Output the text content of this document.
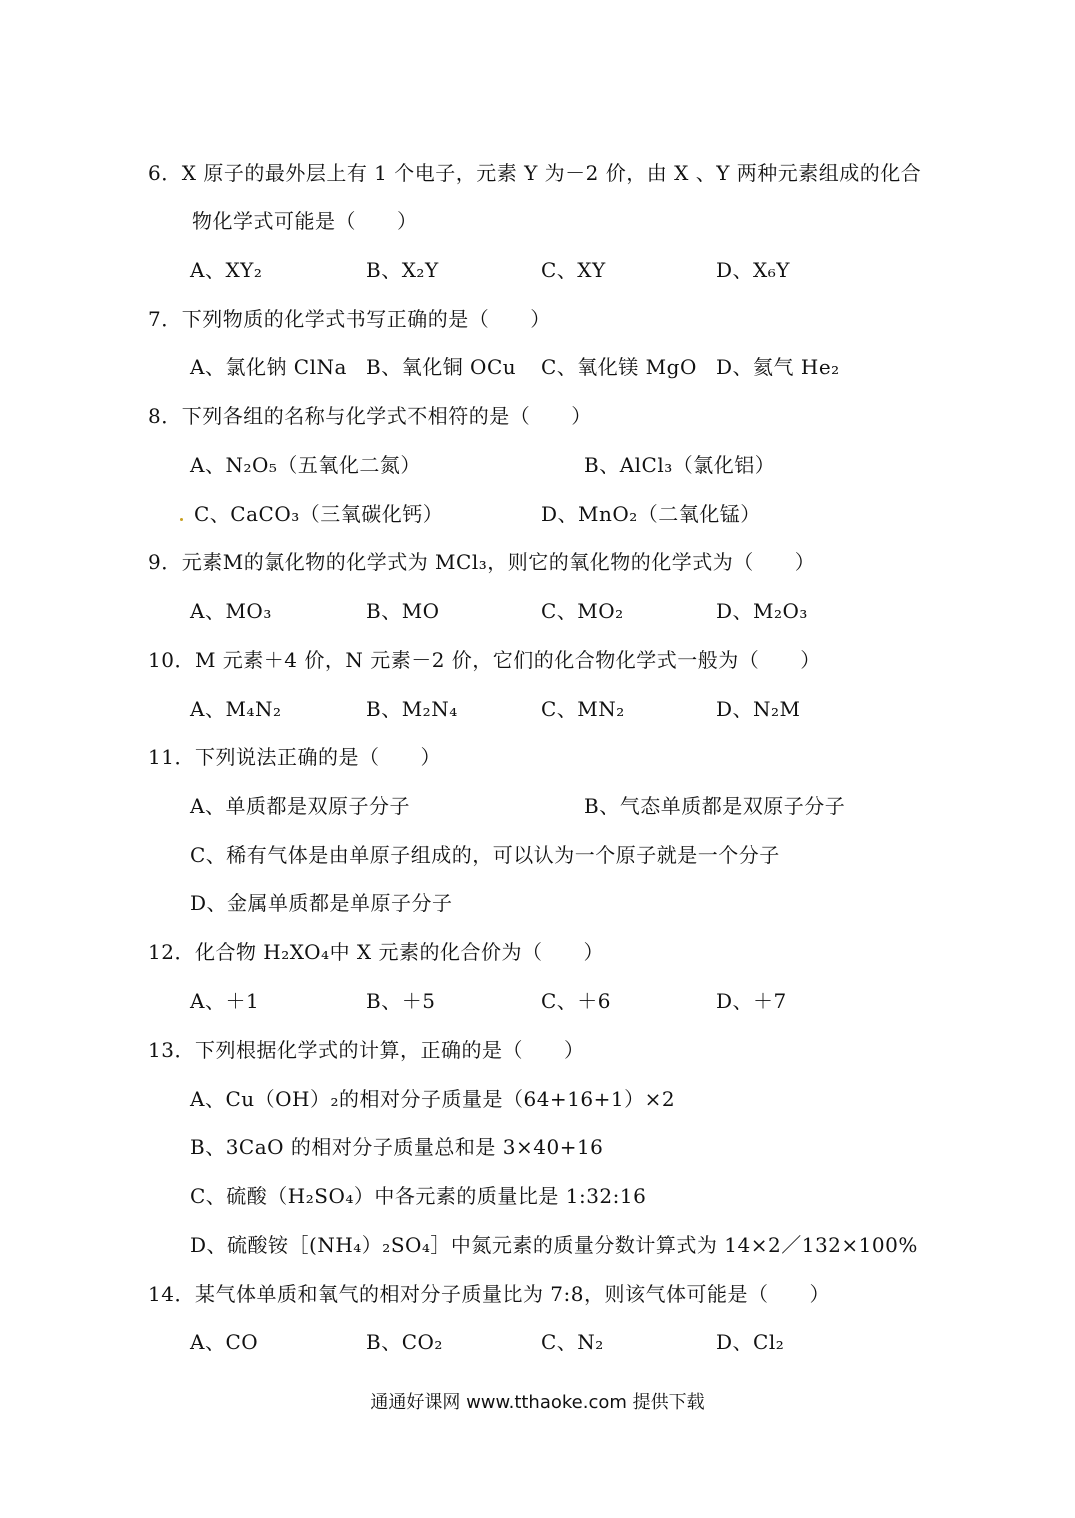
6．X 原子的最外层上有 1 个电子，元素 Y 为－2 价，由 X 、Y 两种元素组成的化合
物化学式可能是（　　）
A、XY₂	B、X₂Y	C、XY	D、X₆Y
7．下列物质的化学式书写正确的是（　　）
A、氯化钠 ClNa B、氧化铜 OCu C、氧化镁 MgO D、氦气 He₂
8．下列各组的名称与化学式不相符的是（　　）
A、N₂O₅（五氧化二氮）	B、AlCl₃（氯化铝）
C、CaCO₃（三氧碳化钙）	D、MnO₂（二氧化锰）
9．元素M的氯化物的化学式为 MCl₃，则它的氧化物的化学式为（　　）
A、MO₃	B、MO	C、MO₂	D、M₂O₃
10．M 元素＋4 价，N 元素－2 价，它们的化合物化学式一般为（　　）
A、M₄N₂	B、M₂N₄	C、MN₂	D、N₂M
11．下列说法正确的是（　　）
A、单质都是双原子分子	B、气态单质都是双原子分子
C、稀有气体是由单原子组成的，可以认为一个原子就是一个分子
D、金属单质都是单原子分子
12．化合物 H₂XO₄中 X 元素的化合价为（　　）
A、＋1	B、＋5	C、＋6	D、＋7
13．下列根据化学式的计算，正确的是（　　）
A、Cu（OH）₂的相对分子质量是（64+16+1）×2
B、3CaO 的相对分子质量总和是 3×40+16
C、硫酸（H₂SO₄）中各元素的质量比是 1:32:16
D、硫酸铵［(NH₄）₂SO₄］中氮元素的质量分数计算式为 14×2／132×100%
14．某气体单质和氧气的相对分子质量比为 7:8，则该气体可能是（　　）
A、CO	B、CO₂	C、N₂	D、Cl₂
通通好课网 www.tthaoke.com 提供下载
